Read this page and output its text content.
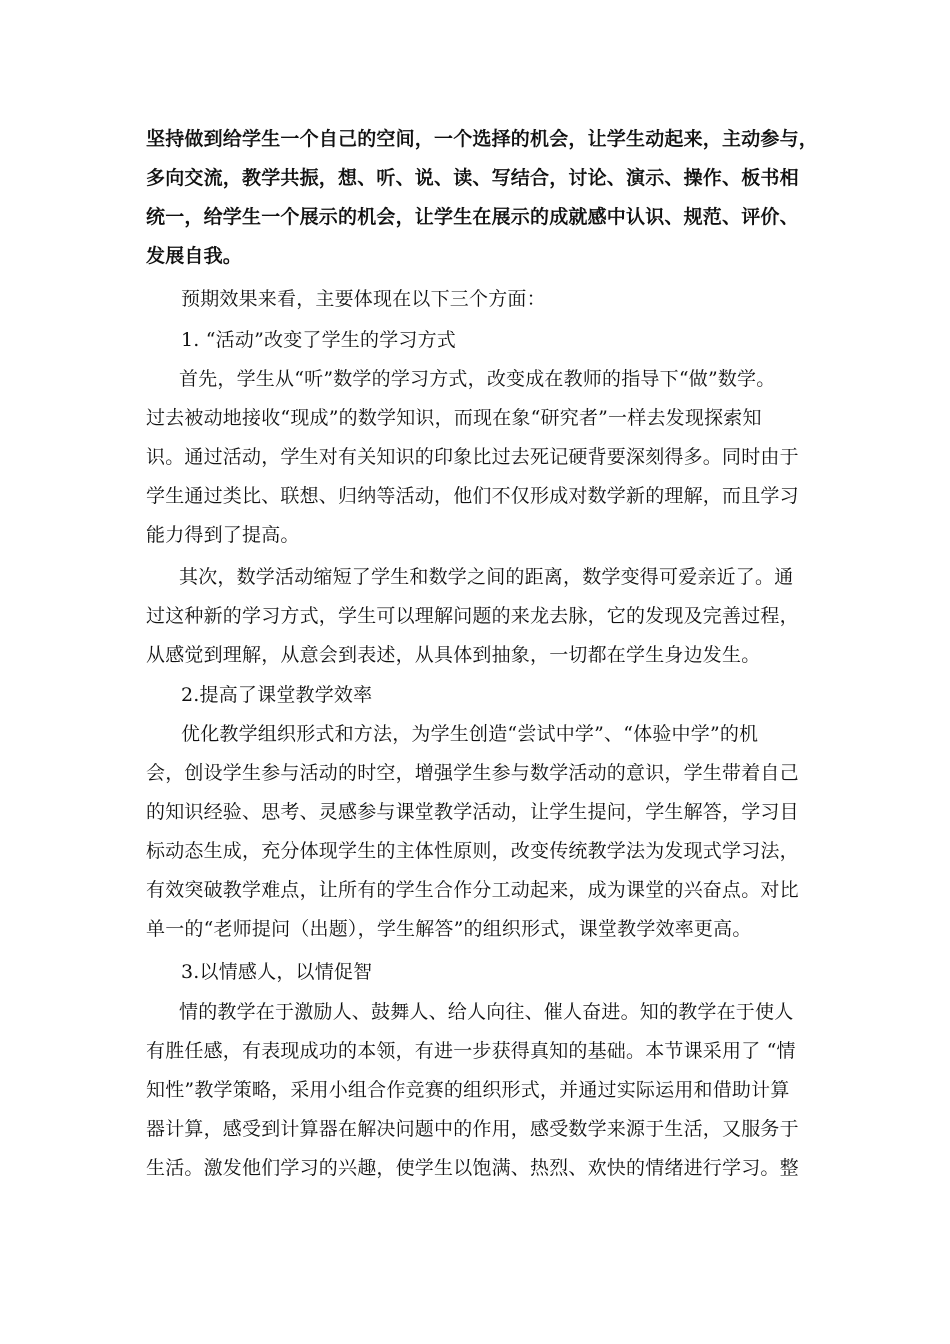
坚持做到给学生一个自己的空间，一个选择的机会，让学生动起来，主动参与，
多向交流，教学共振，想、听、说、读、写结合，讨论、演示、操作、板书相
统一，给学生一个展示的机会，让学生在展示的成就感中认识、规范、评价、
发展自我。
预期效果来看，主要体现在以下三个方面：
1. “活动”改变了学生的学习方式
首先，学生从“听”数学的学习方式，改变成在教师的指导下“做”数学。
过去被动地接收“现成”的数学知识，而现在象“研究者”一样去发现探索知
识。通过活动，学生对有关知识的印象比过去死记硬背要深刻得多。同时由于
学生通过类比、联想、归纳等活动，他们不仅形成对数学新的理解，而且学习
能力得到了提高。
其次，数学活动缩短了学生和数学之间的距离，数学变得可爱亲近了。通
过这种新的学习方式，学生可以理解问题的来龙去脉，它的发现及完善过程，
从感觉到理解，从意会到表述，从具体到抽象，一切都在学生身边发生。
2.提高了课堂教学效率
优化教学组织形式和方法，为学生创造“尝试中学”、“体验中学”的机
会，创设学生参与活动的时空，增强学生参与数学活动的意识，学生带着自己
的知识经验、思考、灵感参与课堂教学活动，让学生提问，学生解答，学习目
标动态生成，充分体现学生的主体性原则，改变传统教学法为发现式学习法，
有效突破教学难点，让所有的学生合作分工动起来，成为课堂的兴奋点。对比
单一的“老师提问（出题），学生解答”的组织形式，课堂教学效率更高。
3.以情感人，以情促智
情的教学在于激励人、鼓舞人、给人向往、催人奋进。知的教学在于使人
有胜任感，有表现成功的本领，有进一步获得真知的基础。本节课采用了 “情
知性”教学策略，采用小组合作竞赛的组织形式，并通过实际运用和借助计算
器计算，感受到计算器在解决问题中的作用，感受数学来源于生活，又服务于
生活。激发他们学习的兴趣，使学生以饱满、热烈、欢快的情绪进行学习。整
